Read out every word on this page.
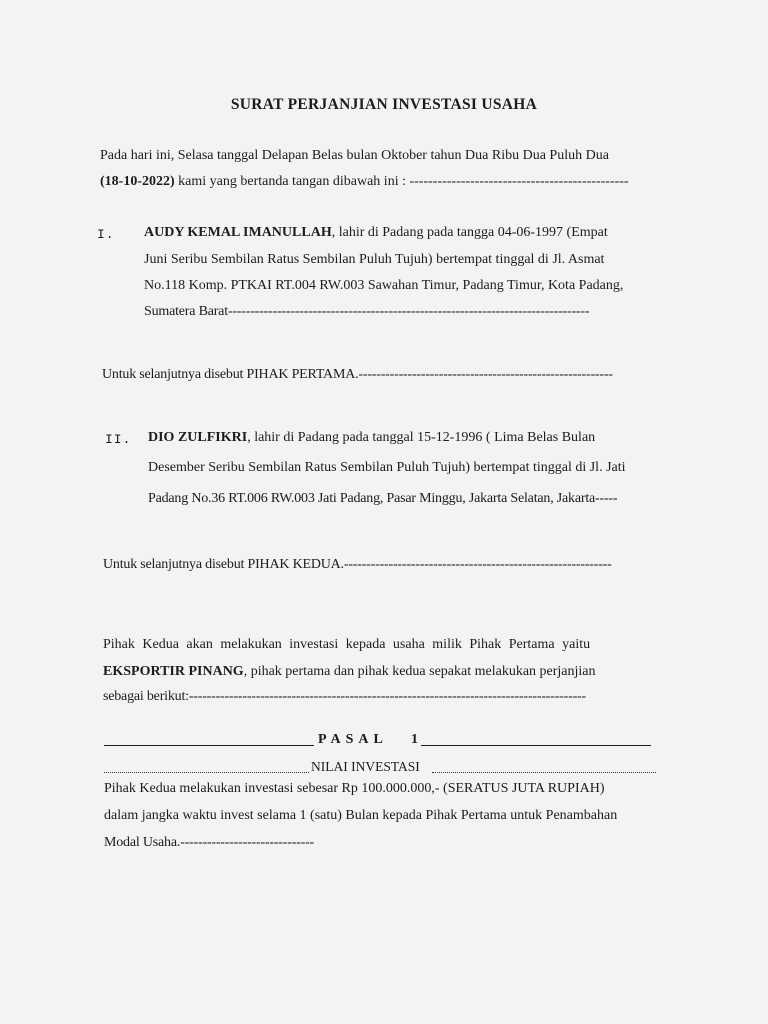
SURAT PERJANJIAN INVESTASI USAHA
Pada hari ini, Selasa tanggal Delapan Belas bulan Oktober tahun Dua Ribu Dua Puluh Dua
(18-10-2022) kami yang bertanda tangan dibawah ini : -----------------------------------------------
I. AUDY KEMAL IMANULLAH, lahir di Padang pada tangga 04-06-1997 (Empat
Juni Seribu Sembilan Ratus Sembilan Puluh Tujuh) bertempat tinggal di Jl. Asmat
No.118 Komp. PTKAI RT.004 RW.003 Sawahan Timur, Padang Timur, Kota Padang,
Sumatera Barat---------------------------------------------------------------------------------
Untuk selanjutnya disebut PIHAK PERTAMA.---------------------------------------------------------
II. DIO ZULFIKRI, lahir di Padang pada tanggal 15-12-1996 ( Lima Belas Bulan
Desember Seribu Sembilan Ratus Sembilan Puluh Tujuh) bertempat tinggal di Jl. Jati
Padang No.36 RT.006 RW.003 Jati Padang, Pasar Minggu, Jakarta Selatan, Jakarta-----
Untuk selanjutnya disebut PIHAK KEDUA.------------------------------------------------------------
Pihak Kedua akan melakukan investasi kepada usaha milik Pihak Pertama yaitu
EKSPORTIR PINANG, pihak pertama dan pihak kedua sepakat melakukan perjanjian
sebagai berikut:-----------------------------------------------------------------------------------------
PASAL 1
NILAI INVESTASI
Pihak Kedua melakukan investasi sebesar Rp 100.000.000,- (SERATUS JUTA RUPIAH)
dalam jangka waktu invest selama 1 (satu) Bulan kepada Pihak Pertama untuk Penambahan
Modal Usaha.------------------------------
